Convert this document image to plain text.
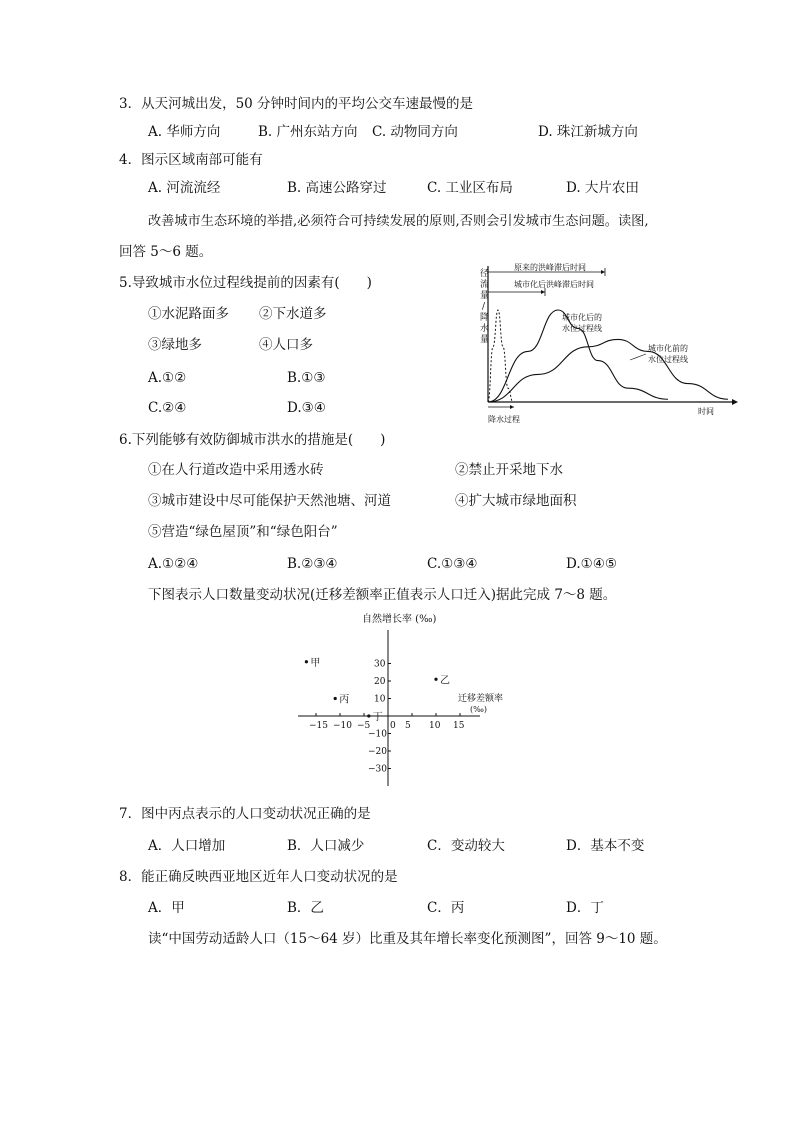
3．从天河城出发，50 分钟时间内的平均公交车速最慢的是
A. 华师方向	B. 广州东站方向 C. 动物同方向	D. 珠江新城方向
4．图示区域南部可能有
A. 河流流经	B. 高速公路穿过	C. 工业区布局	D. 大片农田
改善城市生态环境的举措,必须符合可持续发展的原则,否则会引发城市生态问题。读图,
回答 5～6 题。
5.导致城市水位过程线提前的因素有(　　)
①水泥路面多 ②下水道多
③绿地多	④人口多
A.①②	B.①③
C.②④	D.③④
径
流
量
/
降
水
量
原来的洪峰滞后时间
城市化后洪峰滞后时间
城市化后的
水位过程线
城市化前的
水位过程线
时间
降水过程
6.下列能够有效防御城市洪水的措施是(　　)
①在人行道改造中采用透水砖	②禁止开采地下水
③城市建设中尽可能保护天然池塘、河道	④扩大城市绿地面积
⑤营造“绿色屋顶”和“绿色阳台”
A.①②④	B.②③④	C.①③④	D.①④⑤
下图表示人口数量变动状况(迁移差额率正值表示人口迁入)据此完成 7～8 题。
自然增长率 (‰)
迁移差额率
(‰)
−15 −10 −5 0 5 10 15
30
20
10
−10
−20
−30
甲
乙
丙
丁
7．图中丙点表示的人口变动状况正确的是
A．人口增加	B．人口减少	C．变动较大	D．基本不变
8．能正确反映西亚地区近年人口变动状况的是
A．甲	B．乙	C．丙	D．丁
读“中国劳动适龄人口（15～64 岁）比重及其年增长率变化预测图”，回答 9～10 题。
